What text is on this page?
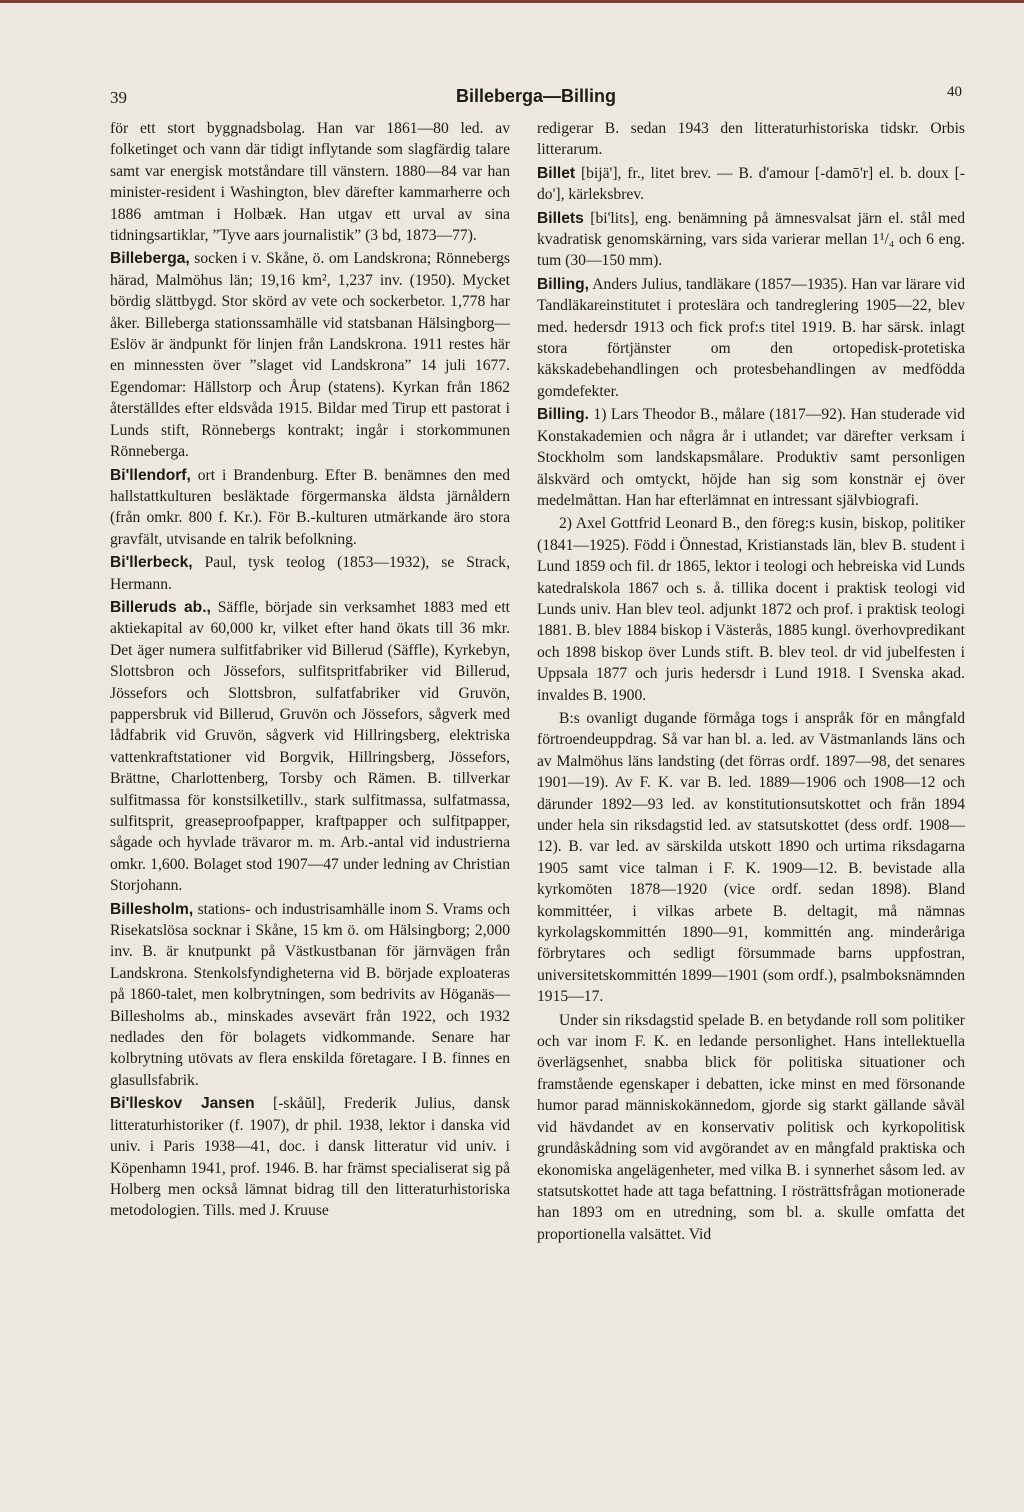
39	Billeberga—Billing	40

för ett stort byggnadsbolag. Han var 1861—80 led. av folketinget och vann där tidigt inflytande som slagfärdig talare samt var energisk motståndare till vänstern. 1880—84 var han minister-resident i Washington, blev därefter kammarherre och 1886 amtman i Holbæk. Han utgav ett urval av sina tidningsartiklar, ”Tyve aars journalistik” (3 bd, 1873—77).

Billeberga, socken i v. Skåne, ö. om Landskrona; Rönnebergs härad, Malmöhus län; 19,16 km², 1,237 inv. (1950). Mycket bördig slättbygd. Stor skörd av vete och sockerbetor. 1,778 har åker. Billeberga stationssamhälle vid statsbanan Hälsingborg—Eslöv är ändpunkt för linjen från Landskrona. 1911 restes här en minnessten över ”slaget vid Landskrona” 14 juli 1677. Egendomar: Hällstorp och Årup (statens). Kyrkan från 1862 återställdes efter eldsvåda 1915. Bildar med Tirup ett pastorat i Lunds stift, Rönnebergs kontrakt; ingår i storkommunen Rönneberga.

Bi'llendorf, ort i Brandenburg. Efter B. benämnes den med hallstattkulturen besläktade förgermanska äldsta järnåldern (från omkr. 800 f. Kr.). För B.-kulturen utmärkande äro stora gravfält, utvisande en talrik befolkning.

Bi'llerbeck, Paul, tysk teolog (1853—1932), se Strack, Hermann.

Billeruds ab., Säffle, började sin verksamhet 1883 med ett aktiekapital av 60,000 kr, vilket efter hand ökats till 36 mkr. Det äger numera sulfitfabriker vid Billerud (Säffle), Kyrkebyn, Slottsbron och Jössefors, sulfitspritfabriker vid Billerud, Jössefors och Slottsbron, sulfatfabriker vid Gruvön, pappersbruk vid Billerud, Gruvön och Jössefors, sågverk med lådfabrik vid Gruvön, sågverk vid Hillringsberg, elektriska vattenkraftstationer vid Borgvik, Hillringsberg, Jössefors, Brättne, Charlottenberg, Torsby och Rämen. B. tillverkar sulfitmassa för konstsilketillv., stark sulfitmassa, sulfatmassa, sulfitsprit, greaseproofpapper, kraftpapper och sulfitpapper, sågade och hyvlade trävaror m. m. Arb.-antal vid industrierna omkr. 1,600. Bolaget stod 1907—47 under ledning av Christian Storjohann.

Billesholm, stations- och industrisamhälle inom S. Vrams och Risekatslösa socknar i Skåne, 15 km ö. om Hälsingborg; 2,000 inv. B. är knutpunkt på Västkustbanan för järnvägen från Landskrona. Stenkolsfyndigheterna vid B. började exploateras på 1860-talet, men kolbrytningen, som bedrivits av Höganäs—Billesholms ab., minskades avsevärt från 1922, och 1932 nedlades den för bolagets vidkommande. Senare har kolbrytning utövats av flera enskilda företagare. I B. finnes en glasullsfabrik.

Bi'lleskov Jansen [-skåŭl], Frederik Julius, dansk litteraturhistoriker (f. 1907), dr phil. 1938, lektor i danska vid univ. i Paris 1938—41, doc. i dansk litteratur vid univ. i Köpenhamn 1941, prof. 1946. B. har främst specialiserat sig på Holberg men också lämnat bidrag till den litteraturhistoriska metodologien. Tills. med J. Kruuse

redigerar B. sedan 1943 den litteraturhistoriska tidskr. Orbis litterarum.

Billet [bijä'], fr., litet brev. — B. d'amour [-damō'r] el. b. doux [-do'], kärleksbrev.

Billets [bi'lits], eng. benämning på ämnesvalsat järn el. stål med kvadratisk genomskärning, vars sida varierar mellan 1¹/₄ och 6 eng. tum (30—150 mm).

Billing, Anders Julius, tandläkare (1857—1935). Han var lärare vid Tandläkareinstitutet i proteslära och tandreglering 1905—22, blev med. hedersdr 1913 och fick prof:s titel 1919. B. har särsk. inlagt stora förtjänster om den ortopedisk-protetiska käkskadebehandlingen och protesbehandlingen av medfödda gomdefekter.

Billing. 1) Lars Theodor B., målare (1817—92). Han studerade vid Konstakademien och några år i utlandet; var därefter verksam i Stockholm som landskapsmålare. Produktiv samt personligen älskvärd och omtyckt, höjde han sig som konstnär ej över medelmåttan. Han har efterlämnat en intressant självbiografi.

2) Axel Gottfrid Leonard B., den föreg:s kusin, biskop, politiker (1841—1925). Född i Önnestad, Kristianstads län, blev B. student i Lund 1859 och fil. dr 1865, lektor i teologi och hebreiska vid Lunds katedralskola 1867 och s. å. tillika docent i praktisk teologi vid Lunds univ. Han blev teol. adjunkt 1872 och prof. i praktisk teologi 1881. B. blev 1884 biskop i Västerås, 1885 kungl. överhovpredikant och 1898 biskop över Lunds stift. B. blev teol. dr vid jubelfesten i Uppsala 1877 och juris hedersdr i Lund 1918. I Svenska akad. invaldes B. 1900.

B:s ovanligt dugande förmåga togs i anspråk för en mångfald förtroendeuppdrag. Så var han bl. a. led. av Västmanlands läns och av Malmöhus läns landsting (det förras ordf. 1897—98, det senares 1901—19). Av F. K. var B. led. 1889—1906 och 1908—12 och därunder 1892—93 led. av konstitutionsutskottet och från 1894 under hela sin riksdagstid led. av statsutskottet (dess ordf. 1908—12). B. var led. av särskilda utskott 1890 och urtima riksdagarna 1905 samt vice talman i F. K. 1909—12. B. bevistade alla kyrkomöten 1878—1920 (vice ordf. sedan 1898). Bland kommittéer, i vilkas arbete B. deltagit, må nämnas kyrkolagskommittén 1890—91, kommittén ang. minderåriga förbrytares och sedligt försummade barns uppfostran, universitetskommittén 1899—1901 (som ordf.), psalmboksnämnden 1915—17.

Under sin riksdagstid spelade B. en betydande roll som politiker och var inom F. K. en ledande personlighet. Hans intellektuella överlägsenhet, snabba blick för politiska situationer och framstående egenskaper i debatten, icke minst en med försonande humor parad människokännedom, gjorde sig starkt gällande såväl vid hävdandet av en konservativ politisk och kyrkopolitisk grundåskådning som vid avgörandet av en mångfald praktiska och ekonomiska angelägenheter, med vilka B. i synnerhet såsom led. av statsutskottet hade att taga befattning. I rösträttsfrågan motionerade han 1893 om en utredning, som bl. a. skulle omfatta det proportionella valsättet. Vid
